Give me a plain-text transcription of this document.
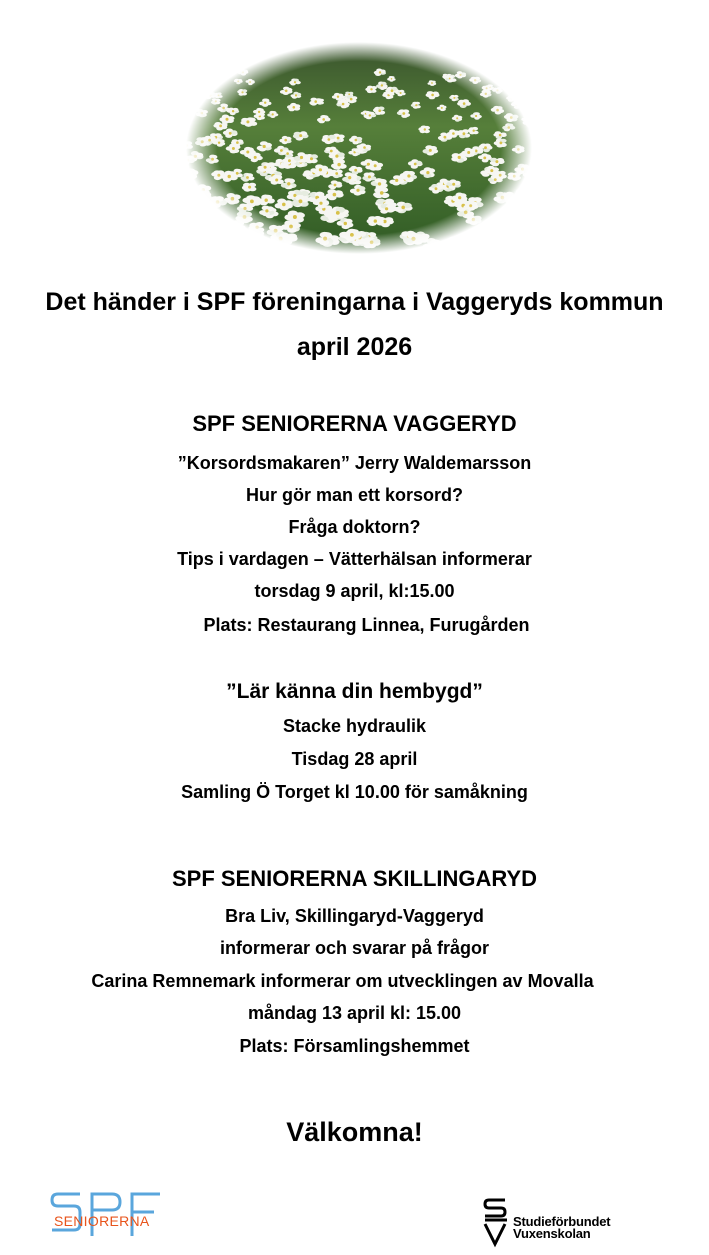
Det händer i SPF föreningarna i Vaggeryds kommun
april 2026
SPF SENIORERNA VAGGERYD
”Korsordsmakaren” Jerry Waldemarsson
Hur gör man ett korsord?
Fråga doktorn?
Tips i vardagen – Vätterhälsan informerar
torsdag 9 april, kl:15.00
Plats: Restaurang Linnea, Furugården
”Lär känna din hembygd”
Stacke hydraulik
Tisdag 28 april
Samling Ö Torget kl 10.00 för samåkning
SPF SENIORERNA SKILLINGARYD
Bra Liv, Skillingaryd-Vaggeryd
informerar och svarar på frågor
Carina Remnemark informerar om utvecklingen av Movalla
måndag 13 april kl: 15.00
Plats: Församlingshemmet
Välkomna!
SENIORERNA	Studieförbundet
Vuxenskolan
